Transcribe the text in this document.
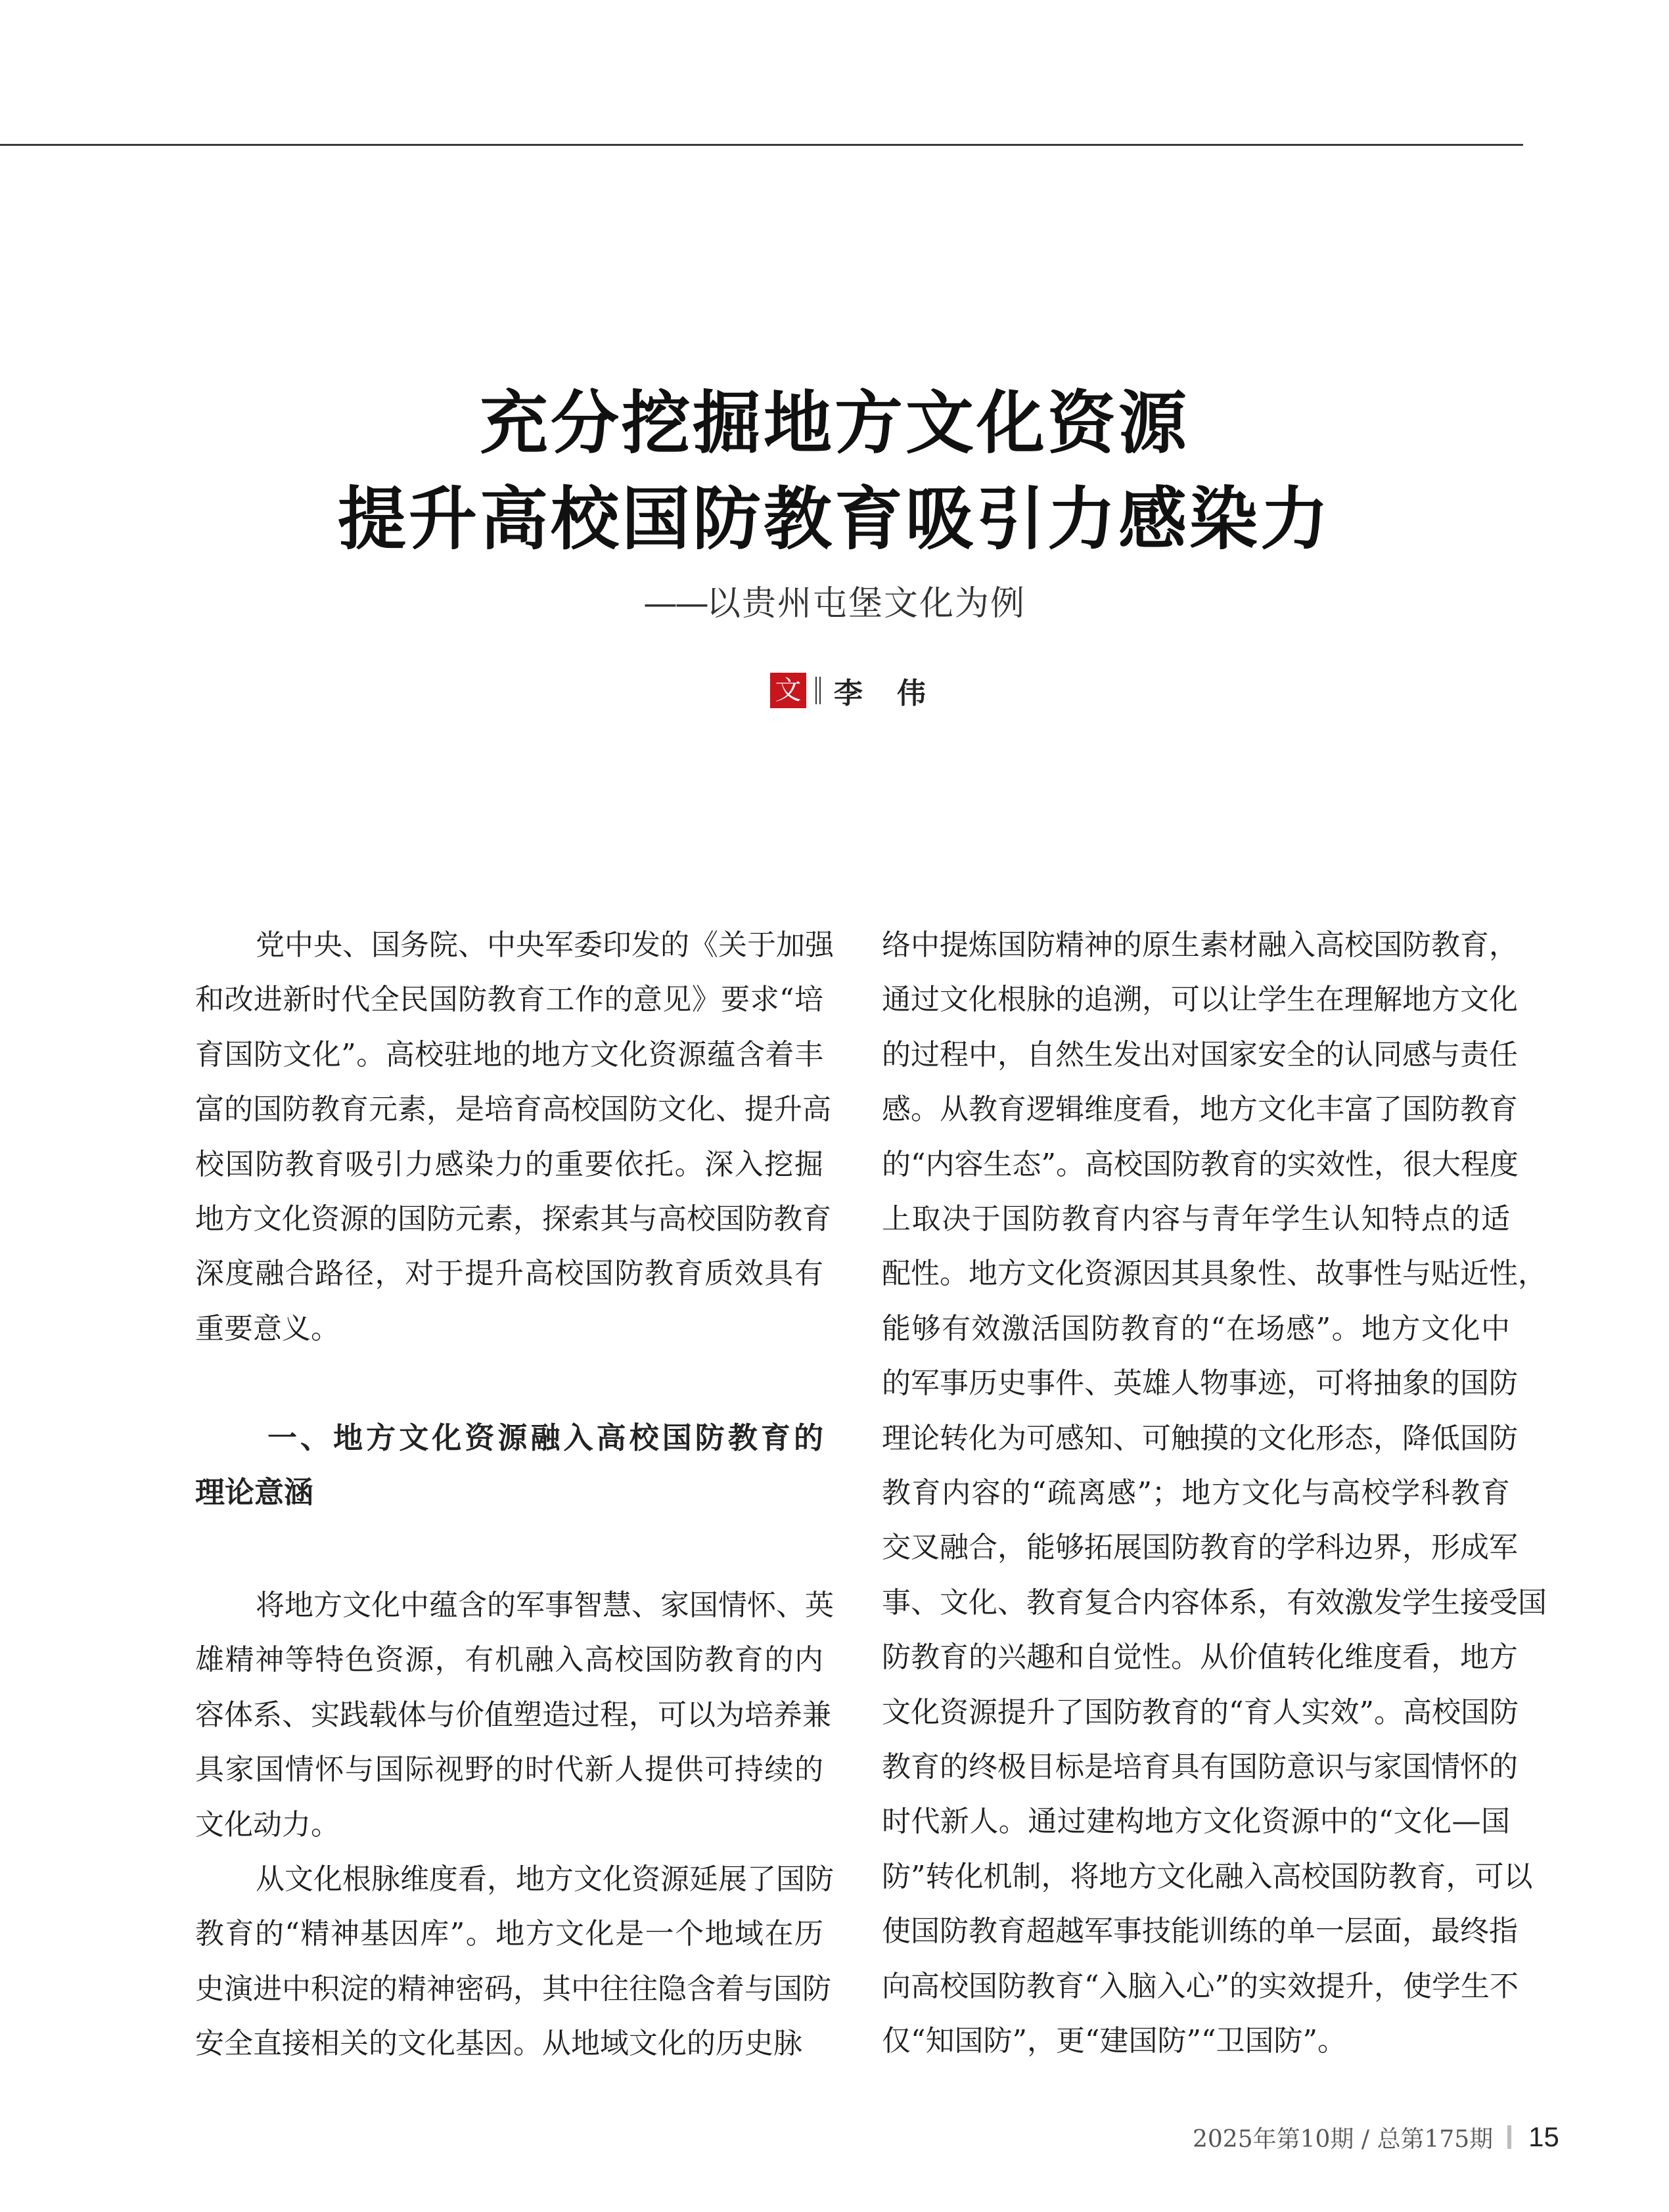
充分挖掘地方文化资源
提升高校国防教育吸引力感染力
——以贵州屯堡文化为例
文 李伟
党中央、国务院、中央军委印发的《关于加强
和改进新时代全民国防教育工作的意见》要求“培
育国防文化”。高校驻地的地方文化资源蕴含着丰
富的国防教育元素，是培育高校国防文化、提升高
校国防教育吸引力感染力的重要依托。深入挖掘
地方文化资源的国防元素，探索其与高校国防教育
深度融合路径，对于提升高校国防教育质效具有
重要意义。
一、地方文化资源融入高校国防教育的
理论意涵
将地方文化中蕴含的军事智慧、家国情怀、英
雄精神等特色资源，有机融入高校国防教育的内
容体系、实践载体与价值塑造过程，可以为培养兼
具家国情怀与国际视野的时代新人提供可持续的
文化动力。
从文化根脉维度看，地方文化资源延展了国防
教育的“精神基因库”。地方文化是一个地域在历
史演进中积淀的精神密码，其中往往隐含着与国防
安全直接相关的文化基因。从地域文化的历史脉
络中提炼国防精神的原生素材融入高校国防教育，
通过文化根脉的追溯，可以让学生在理解地方文化
的过程中，自然生发出对国家安全的认同感与责任
感。从教育逻辑维度看，地方文化丰富了国防教育
的“内容生态”。高校国防教育的实效性，很大程度
上取决于国防教育内容与青年学生认知特点的适
配性。地方文化资源因其具象性、故事性与贴近性，
能够有效激活国防教育的“在场感”。地方文化中
的军事历史事件、英雄人物事迹，可将抽象的国防
理论转化为可感知、可触摸的文化形态，降低国防
教育内容的“疏离感”；地方文化与高校学科教育
交叉融合，能够拓展国防教育的学科边界，形成军
事、文化、教育复合内容体系，有效激发学生接受国
防教育的兴趣和自觉性。从价值转化维度看，地方
文化资源提升了国防教育的“育人实效”。高校国防
教育的终极目标是培育具有国防意识与家国情怀的
时代新人。通过建构地方文化资源中的“文化—国
防”转化机制，将地方文化融入高校国防教育，可以
使国防教育超越军事技能训练的单一层面，最终指
向高校国防教育“入脑入心”的实效提升，使学生不
仅“知国防”，更“建国防”“卫国防”。
2025年第10期 / 总第175期 15
